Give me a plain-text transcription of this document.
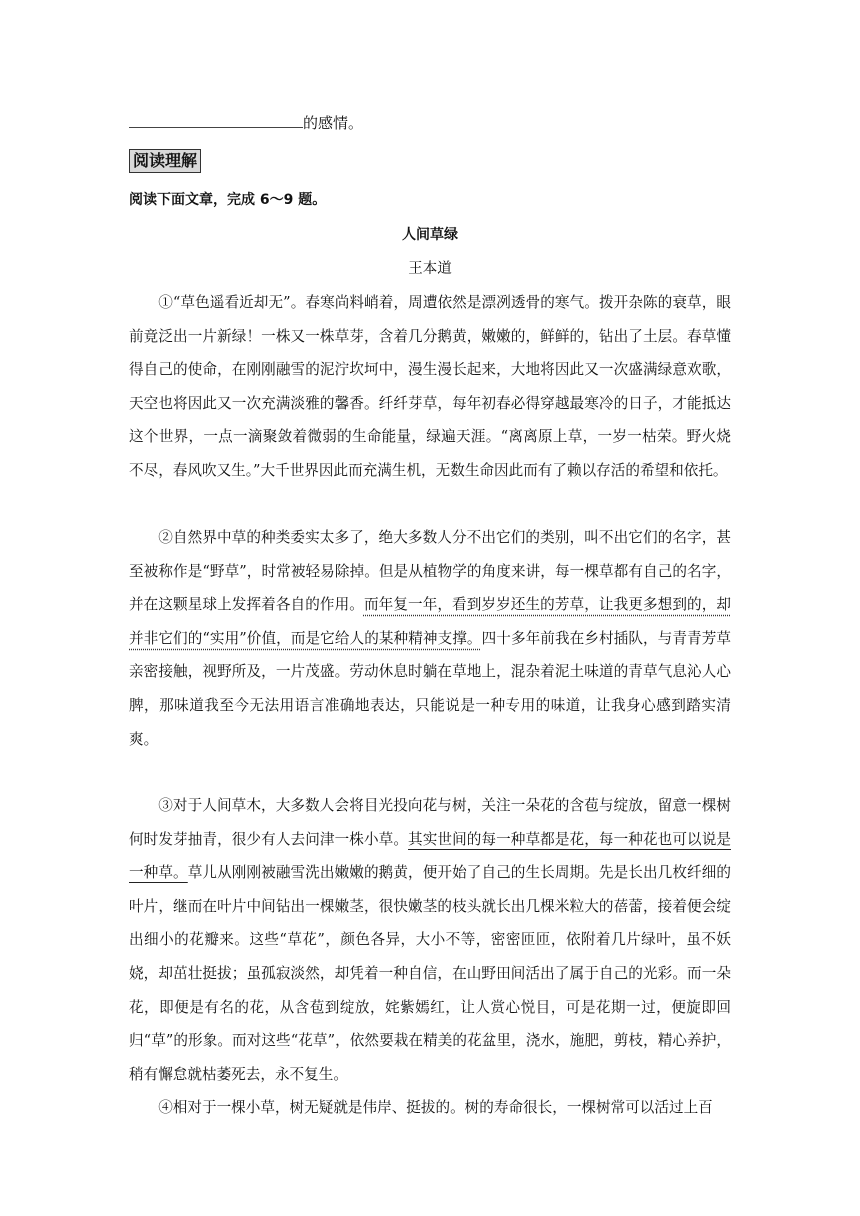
的感情。
阅读理解
阅读下面文章，完成 6～9 题。
人间草绿
王本道

①“草色遥看近却无”。春寒尚料峭着，周遭依然是漂冽透骨的寒气。拨开杂陈的衰草，眼前竟泛出一片新绿！一株又一株草芽，含着几分鹅黄，嫩嫩的，鲜鲜的，钻出了土层。春草懂得自己的使命，在刚刚融雪的泥泞坎坷中，漫生漫长起来，大地将因此又一次盛满绿意欢歌，天空也将因此又一次充满淡雅的馨香。纤纤芽草，每年初春必得穿越最寒冷的日子，才能抵达这个世界，一点一滴聚敛着微弱的生命能量，绿遍天涯。“离离原上草，一岁一枯荣。野火烧不尽，春风吹又生。”大千世界因此而充满生机，无数生命因此而有了赖以存活的希望和依托。

②自然界中草的种类委实太多了，绝大多数人分不出它们的类别，叫不出它们的名字，甚至被称作是“野草”，时常被轻易除掉。但是从植物学的角度来讲，每一棵草都有自己的名字，并在这颗星球上发挥着各自的作用。而年复一年，看到岁岁还生的芳草，让我更多想到的，却并非它们的“实用”价值，而是它给人的某种精神支撑。四十多年前我在乡村插队，与青青芳草亲密接触，视野所及，一片茂盛。劳动休息时躺在草地上，混杂着泥土味道的青草气息沁人心脾，那味道我至今无法用语言准确地表达，只能说是一种专用的味道，让我身心感到踏实清爽。

③对于人间草木，大多数人会将目光投向花与树，关注一朵花的含苞与绽放，留意一棵树何时发芽抽青，很少有人去问津一株小草。其实世间的每一种草都是花，每一种花也可以说是一种草。草儿从刚刚被融雪洗出嫩嫩的鹅黄，便开始了自己的生长周期。先是长出几枚纤细的叶片，继而在叶片中间钻出一棵嫩茎，很快嫩茎的枝头就长出几棵米粒大的蓓蕾，接着便会绽出细小的花瓣来。这些“草花”，颜色各异，大小不等，密密匝匝，依附着几片绿叶，虽不妖娆，却茁壮挺拔；虽孤寂淡然，却凭着一种自信，在山野田间活出了属于自己的光彩。而一朵花，即便是有名的花，从含苞到绽放，姹紫嫣红，让人赏心悦目，可是花期一过，便旋即回归“草”的形象。而对这些“花草”，依然要栽在精美的花盆里，浇水，施肥，剪枝，精心养护，稍有懈怠就枯萎死去，永不复生。

④相对于一棵小草，树无疑就是伟岸、挺拔的。树的寿命很长，一棵树常可以活过上百
